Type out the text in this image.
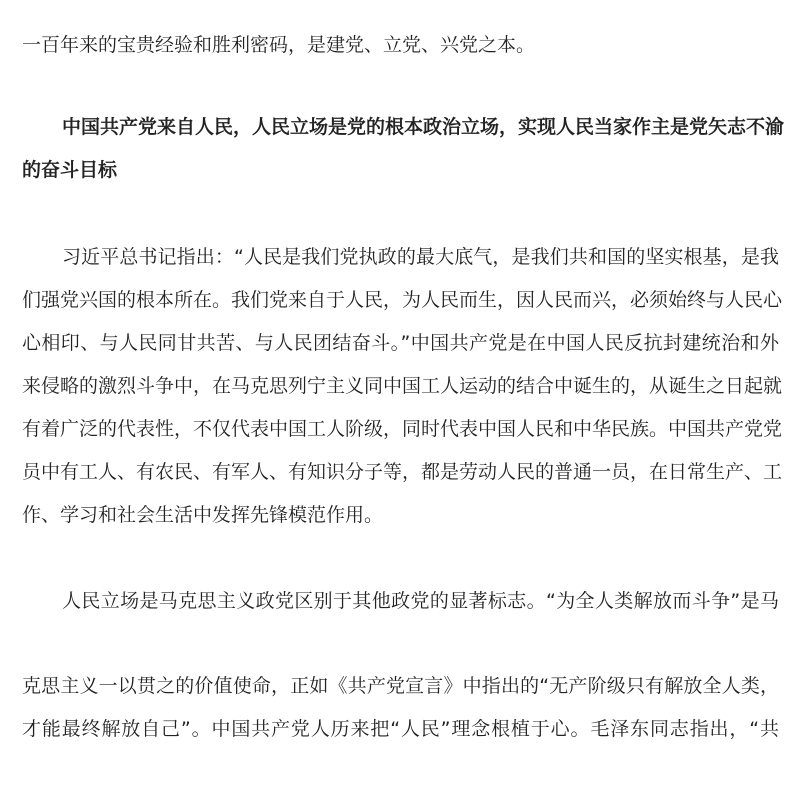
一百年来的宝贵经验和胜利密码，是建党、立党、兴党之本。
中国共产党来自人民，人民立场是党的根本政治立场，实现人民当家作主是党矢志不渝
的奋斗目标
习近平总书记指出：“人民是我们党执政的最大底气，是我们共和国的坚实根基，是我
们强党兴国的根本所在。我们党来自于人民，为人民而生，因人民而兴，必须始终与人民心
心相印、与人民同甘共苦、与人民团结奋斗。”中国共产党是在中国人民反抗封建统治和外
来侵略的激烈斗争中，在马克思列宁主义同中国工人运动的结合中诞生的，从诞生之日起就
有着广泛的代表性，不仅代表中国工人阶级，同时代表中国人民和中华民族。中国共产党党
员中有工人、有农民、有军人、有知识分子等，都是劳动人民的普通一员，在日常生产、工
作、学习和社会生活中发挥先锋模范作用。
人民立场是马克思主义政党区别于其他政党的显著标志。“为全人类解放而斗争”是马
克思主义一以贯之的价值使命，正如《共产党宣言》中指出的“无产阶级只有解放全人类，
才能最终解放自己”。中国共产党人历来把“人民”理念根植于心。毛泽东同志指出，“共
